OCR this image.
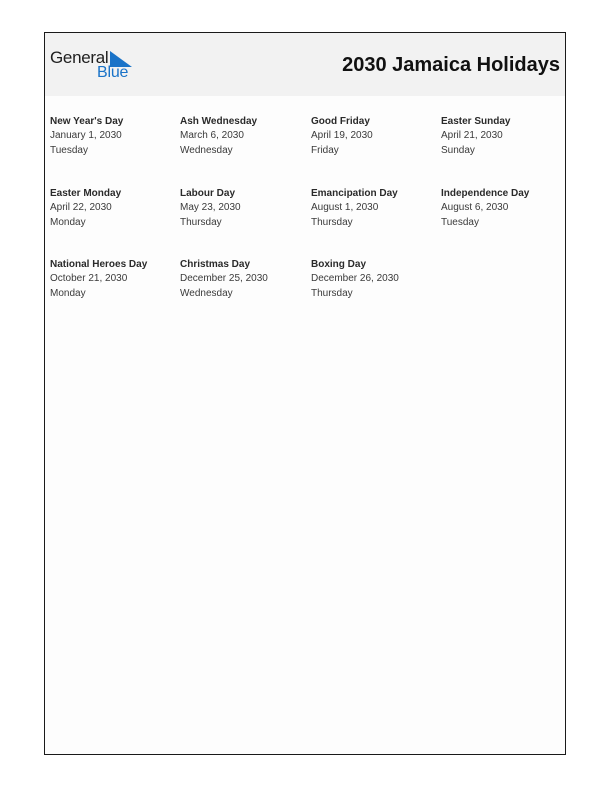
General
Blue	2030 Jamaica Holidays
New Year's Day
January 1, 2030
Tuesday
Ash Wednesday
March 6, 2030
Wednesday
Good Friday
April 19, 2030
Friday
Easter Sunday
April 21, 2030
Sunday
Easter Monday
April 22, 2030
Monday
Labour Day
May 23, 2030
Thursday
Emancipation Day
August 1, 2030
Thursday
Independence Day
August 6, 2030
Tuesday
National Heroes Day
October 21, 2030
Monday
Christmas Day
December 25, 2030
Wednesday
Boxing Day
December 26, 2030
Thursday
